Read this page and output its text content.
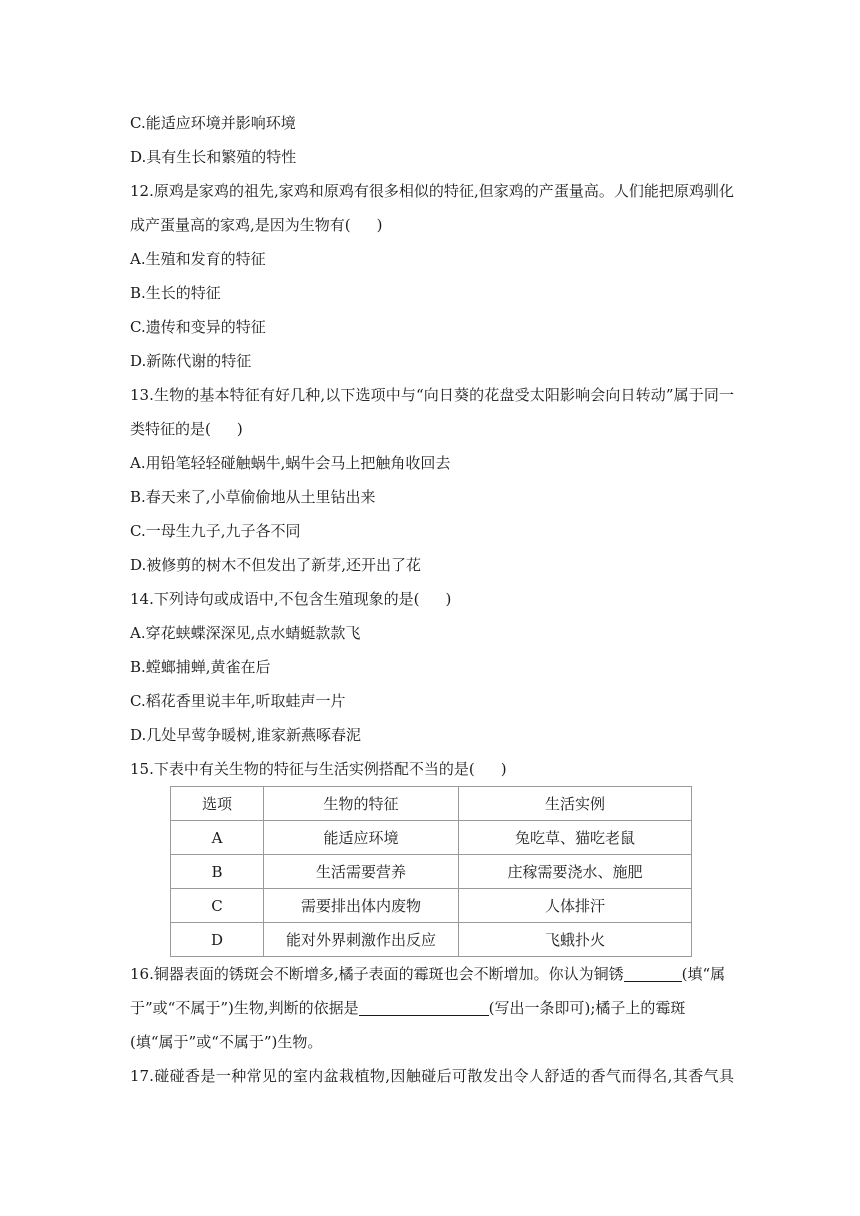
C.能适应环境并影响环境
D.具有生长和繁殖的特性
12.原鸡是家鸡的祖先,家鸡和原鸡有很多相似的特征,但家鸡的产蛋量高。人们能把原鸡驯化
成产蛋量高的家鸡,是因为生物有( )
A.生殖和发育的特征
B.生长的特征
C.遗传和变异的特征
D.新陈代谢的特征
13.生物的基本特征有好几种,以下选项中与“向日葵的花盘受太阳影响会向日转动”属于同一
类特征的是( )
A.用铅笔轻轻碰触蜗牛,蜗牛会马上把触角收回去
B.春天来了,小草偷偷地从土里钻出来
C.一母生九子,九子各不同
D.被修剪的树木不但发出了新芽,还开出了花
14.下列诗句或成语中,不包含生殖现象的是( )
A.穿花蛱蝶深深见,点水蜻蜓款款飞
B.螳螂捕蝉,黄雀在后
C.稻花香里说丰年,听取蛙声一片
D.几处早莺争暖树,谁家新燕啄春泥
15.下表中有关生物的特征与生活实例搭配不当的是( )
选项	生物的特征	生活实例
A	能适应环境	兔吃草、猫吃老鼠
B	生活需要营养	庄稼需要浇水、施肥
C	需要排出体内废物	人体排汗
D	能对外界刺激作出反应	飞蛾扑火
16.铜器表面的锈斑会不断增多,橘子表面的霉斑也会不断增加。你认为铜锈	(填“属
于”或“不属于”)生物,判断的依据是	(写出一条即可);橘子上的霉斑
(填“属于”或“不属于”)生物。
17.碰碰香是一种常见的室内盆栽植物,因触碰后可散发出令人舒适的香气而得名,其香气具
